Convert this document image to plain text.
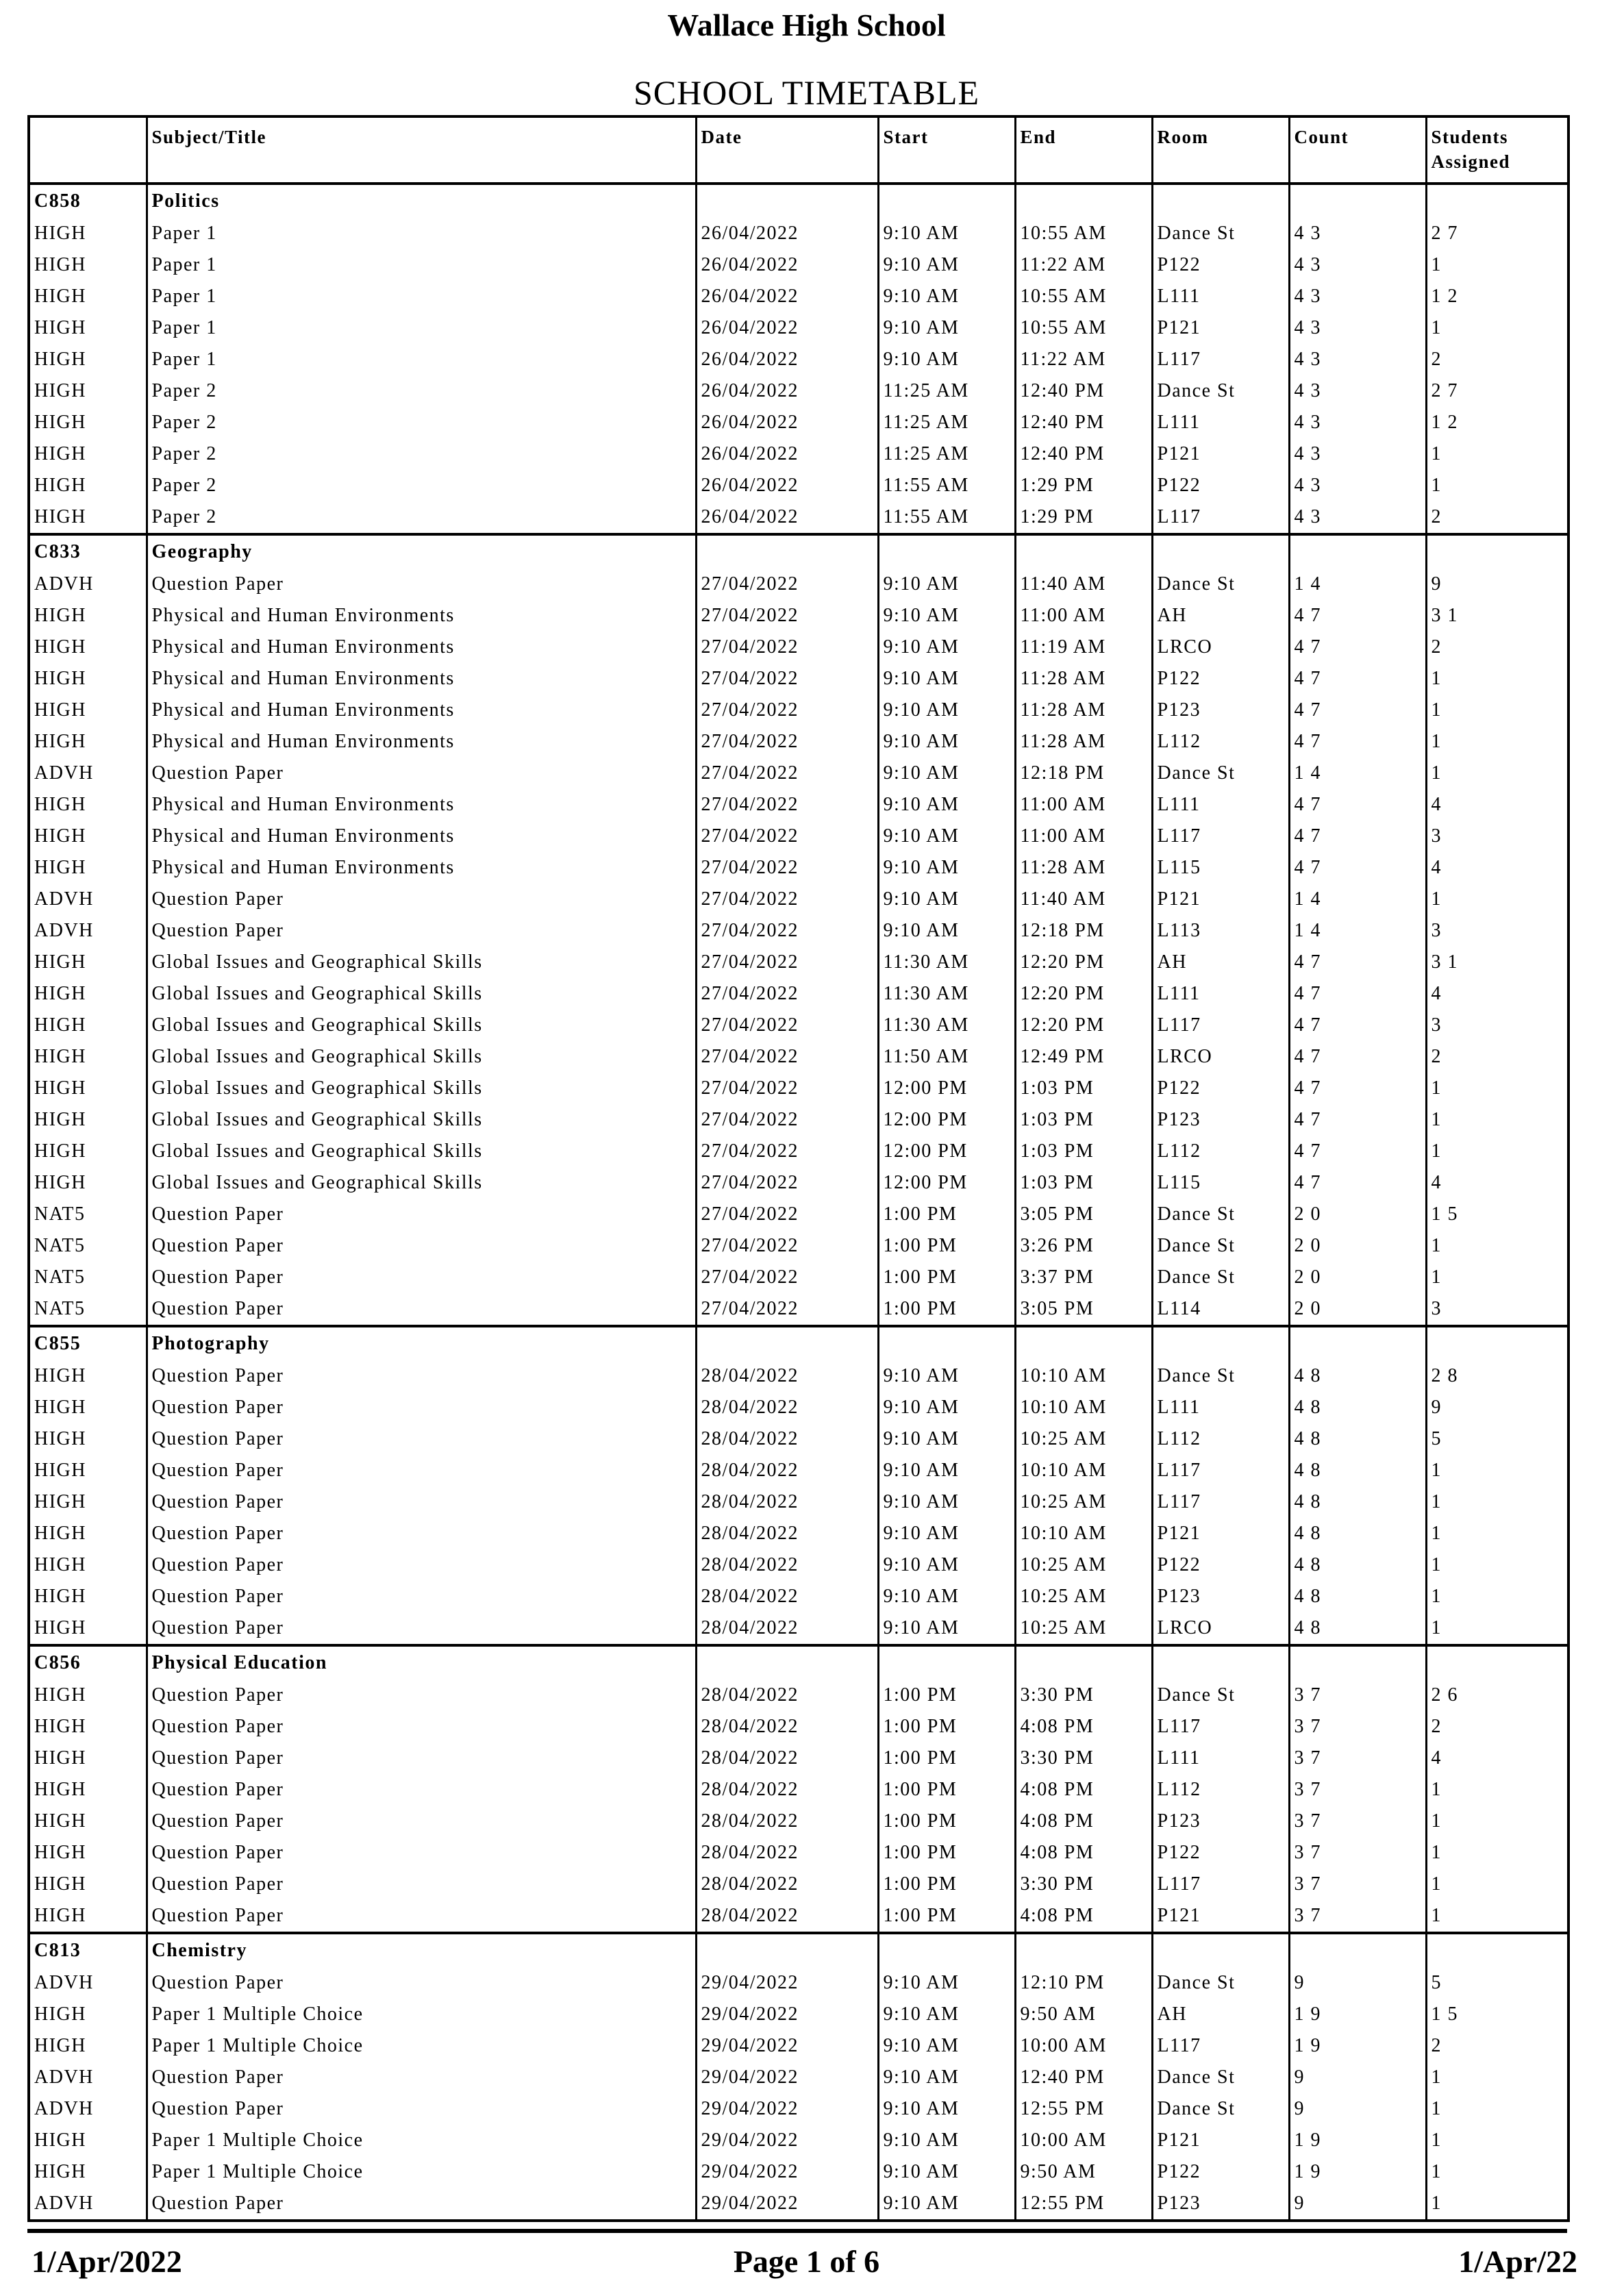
Wallace High School
SCHOOL TIMETABLE
	Subject/Title	Date	Start	End	Room	Count	Students Assigned
C858	Politics						
HIGH	Paper 1	26/04/2022	9:10 AM	10:55 AM	Dance St	4 3	2 7
HIGH	Paper 1	26/04/2022	9:10 AM	11:22 AM	P122	4 3	1
HIGH	Paper 1	26/04/2022	9:10 AM	10:55 AM	L111	4 3	1 2
HIGH	Paper 1	26/04/2022	9:10 AM	10:55 AM	P121	4 3	1
HIGH	Paper 1	26/04/2022	9:10 AM	11:22 AM	L117	4 3	2
HIGH	Paper 2	26/04/2022	11:25 AM	12:40 PM	Dance St	4 3	2 7
HIGH	Paper 2	26/04/2022	11:25 AM	12:40 PM	L111	4 3	1 2
HIGH	Paper 2	26/04/2022	11:25 AM	12:40 PM	P121	4 3	1
HIGH	Paper 2	26/04/2022	11:55 AM	1:29 PM	P122	4 3	1
HIGH	Paper 2	26/04/2022	11:55 AM	1:29 PM	L117	4 3	2
C833	Geography						
ADVH	Question Paper	27/04/2022	9:10 AM	11:40 AM	Dance St	1 4	9
HIGH	Physical and Human Environments	27/04/2022	9:10 AM	11:00 AM	AH	4 7	3 1
HIGH	Physical and Human Environments	27/04/2022	9:10 AM	11:19 AM	LRCO	4 7	2
HIGH	Physical and Human Environments	27/04/2022	9:10 AM	11:28 AM	P122	4 7	1
HIGH	Physical and Human Environments	27/04/2022	9:10 AM	11:28 AM	P123	4 7	1
HIGH	Physical and Human Environments	27/04/2022	9:10 AM	11:28 AM	L112	4 7	1
ADVH	Question Paper	27/04/2022	9:10 AM	12:18 PM	Dance St	1 4	1
HIGH	Physical and Human Environments	27/04/2022	9:10 AM	11:00 AM	L111	4 7	4
HIGH	Physical and Human Environments	27/04/2022	9:10 AM	11:00 AM	L117	4 7	3
HIGH	Physical and Human Environments	27/04/2022	9:10 AM	11:28 AM	L115	4 7	4
ADVH	Question Paper	27/04/2022	9:10 AM	11:40 AM	P121	1 4	1
ADVH	Question Paper	27/04/2022	9:10 AM	12:18 PM	L113	1 4	3
HIGH	Global Issues and Geographical Skills	27/04/2022	11:30 AM	12:20 PM	AH	4 7	3 1
HIGH	Global Issues and Geographical Skills	27/04/2022	11:30 AM	12:20 PM	L111	4 7	4
HIGH	Global Issues and Geographical Skills	27/04/2022	11:30 AM	12:20 PM	L117	4 7	3
HIGH	Global Issues and Geographical Skills	27/04/2022	11:50 AM	12:49 PM	LRCO	4 7	2
HIGH	Global Issues and Geographical Skills	27/04/2022	12:00 PM	1:03 PM	P122	4 7	1
HIGH	Global Issues and Geographical Skills	27/04/2022	12:00 PM	1:03 PM	P123	4 7	1
HIGH	Global Issues and Geographical Skills	27/04/2022	12:00 PM	1:03 PM	L112	4 7	1
HIGH	Global Issues and Geographical Skills	27/04/2022	12:00 PM	1:03 PM	L115	4 7	4
NAT5	Question Paper	27/04/2022	1:00 PM	3:05 PM	Dance St	2 0	1 5
NAT5	Question Paper	27/04/2022	1:00 PM	3:26 PM	Dance St	2 0	1
NAT5	Question Paper	27/04/2022	1:00 PM	3:37 PM	Dance St	2 0	1
NAT5	Question Paper	27/04/2022	1:00 PM	3:05 PM	L114	2 0	3
C855	Photography						
HIGH	Question Paper	28/04/2022	9:10 AM	10:10 AM	Dance St	4 8	2 8
HIGH	Question Paper	28/04/2022	9:10 AM	10:10 AM	L111	4 8	9
HIGH	Question Paper	28/04/2022	9:10 AM	10:25 AM	L112	4 8	5
HIGH	Question Paper	28/04/2022	9:10 AM	10:10 AM	L117	4 8	1
HIGH	Question Paper	28/04/2022	9:10 AM	10:25 AM	L117	4 8	1
HIGH	Question Paper	28/04/2022	9:10 AM	10:10 AM	P121	4 8	1
HIGH	Question Paper	28/04/2022	9:10 AM	10:25 AM	P122	4 8	1
HIGH	Question Paper	28/04/2022	9:10 AM	10:25 AM	P123	4 8	1
HIGH	Question Paper	28/04/2022	9:10 AM	10:25 AM	LRCO	4 8	1
C856	Physical Education						
HIGH	Question Paper	28/04/2022	1:00 PM	3:30 PM	Dance St	3 7	2 6
HIGH	Question Paper	28/04/2022	1:00 PM	4:08 PM	L117	3 7	2
HIGH	Question Paper	28/04/2022	1:00 PM	3:30 PM	L111	3 7	4
HIGH	Question Paper	28/04/2022	1:00 PM	4:08 PM	L112	3 7	1
HIGH	Question Paper	28/04/2022	1:00 PM	4:08 PM	P123	3 7	1
HIGH	Question Paper	28/04/2022	1:00 PM	4:08 PM	P122	3 7	1
HIGH	Question Paper	28/04/2022	1:00 PM	3:30 PM	L117	3 7	1
HIGH	Question Paper	28/04/2022	1:00 PM	4:08 PM	P121	3 7	1
C813	Chemistry						
ADVH	Question Paper	29/04/2022	9:10 AM	12:10 PM	Dance St	9	5
HIGH	Paper 1 Multiple Choice	29/04/2022	9:10 AM	9:50 AM	AH	1 9	1 5
HIGH	Paper 1 Multiple Choice	29/04/2022	9:10 AM	10:00 AM	L117	1 9	2
ADVH	Question Paper	29/04/2022	9:10 AM	12:40 PM	Dance St	9	1
ADVH	Question Paper	29/04/2022	9:10 AM	12:55 PM	Dance St	9	1
HIGH	Paper 1 Multiple Choice	29/04/2022	9:10 AM	10:00 AM	P121	1 9	1
HIGH	Paper 1 Multiple Choice	29/04/2022	9:10 AM	9:50 AM	P122	1 9	1
ADVH	Question Paper	29/04/2022	9:10 AM	12:55 PM	P123	9	1
1/Apr/2022	Page 1 of 6	1/Apr/22
